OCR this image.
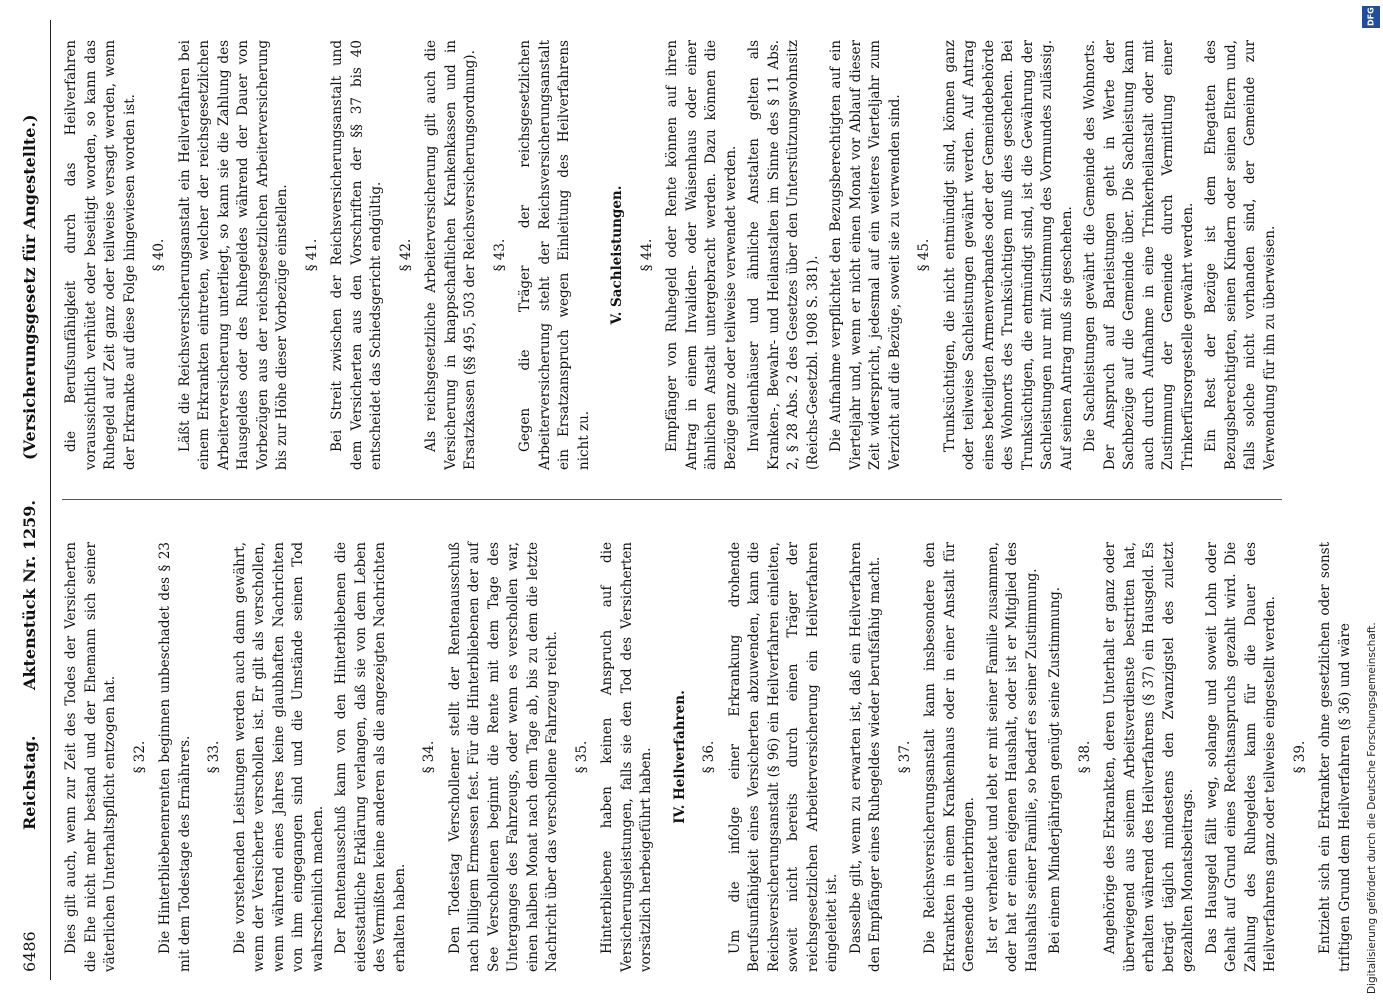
6486
Reichstag. Aktenstück Nr. 1259.
(Versicherungsgesetz für Angestellte.)

Dies gilt auch, wenn zur Zeit des Todes der Versicherten die Ehe nicht mehr bestand und der Ehemann sich seiner väterlichen Unterhaltspflicht entzogen hat. § 32. Die Hinterbliebenenrenten beginnen unbeschadet des § 23 mit dem Todestage des Ernährers. § 33. Die vorstehenden Leistungen werden auch dann gewährt, wenn der Versicherte verschollen ist. Er gilt als verschollen, wenn während eines Jahres keine glaubhaften Nachrichten von ihm eingegangen sind und die Umstände seinen Tod wahrscheinlich machen. Der Rentenausschuß kann von den Hinterbliebenen die eidesstattliche Erklärung verlangen, daß sie von dem Leben des Vermißten keine anderen als die angezeigten Nachrichten erhalten haben.

§ 34. Den Todestag Verschollener stellt der Rentenausschuß nach billigem Ermessen fest. Für die Hinterbliebenen der auf See Verschollenen beginnt die Rente mit dem Tage des Unterganges des Fahrzeugs, oder wenn es verschollen war, einen halben Monat nach dem Tage ab, bis zu dem die letzte Nachricht über das verschollene Fahrzeug reicht. § 35. Hinterbliebene haben keinen Anspruch auf die Versicherungsleistungen, falls sie den Tod des Versicherten vorsätzlich herbeigeführt haben. IV. Heilverfahren. § 36. Um die infolge einer Erkrankung drohende Berufsunfähigkeit eines Versicherten abzuwenden, kann die Reichsversicherungsanstalt (§ 96) ein Heilverfahren einleiten, soweit nicht bereits durch einen Träger der reichsgesetzlichen Arbeiterversicherung ein Heilverfahren eingeleitet ist. Dasselbe gilt, wenn zu erwarten ist, daß ein Heilverfahren den Empfänger eines Ruhegeldes wieder berufsfähig macht. § 37. Die Reichsversicherungsanstalt kann insbesondere den Erkrankten in einem Krankenhaus oder in einer Anstalt für Genesende unterbringen. Ist er verheiratet und lebt er mit seiner Familie zusammen, oder hat er einen eigenen Haushalt, oder ist er Mitglied des Haushalts seiner Familie, so bedarf es seiner Zustimmung. Bei einem Minderjährigen genügt seine Zustimmung. § 38. Angehörige des Erkrankten, deren Unterhalt er ganz oder überwiegend aus seinem Arbeitsverdienste bestritten hat, erhalten während des Heilverfahrens (§ 37) ein Hausgeld. Es beträgt täglich mindestens den Zwanzigstel des zuletzt gezahlten Monatsbeitrags. Das Hausgeld fällt weg, solange und soweit Lohn oder Gehalt auf Grund eines Rechtsanspruchs gezahlt wird. Die Zahlung des Ruhegeldes kann für die Dauer des Heilverfahrens ganz oder teilweise eingestellt werden. § 39. Entzieht sich ein Erkrankter ohne gesetzlichen oder sonst triftigen Grund dem Heilverfahren (§ 36) und wäre

die Berufsunfähigkeit durch das Heilverfahren voraussichtlich verhütet oder beseitigt worden, so kann das Ruhegeld auf Zeit ganz oder teilweise versagt werden, wenn der Erkrankte auf diese Folge hingewiesen worden ist. § 40. Läßt die Reichsversicherungsanstalt ein Heilverfahren bei einem Erkrankten eintreten, welcher der reichsgesetzlichen Arbeiterversicherung unterliegt, so kann sie die Zahlung des Hausgeldes oder des Ruhegeldes während der Dauer von Vorbezügen aus der reichsgesetzlichen Arbeiterversicherung bis zur Höhe dieser Vorbezüge einstellen. § 41. Bei Streit zwischen der Reichsversicherungsanstalt und dem Versicherten aus den Vorschriften der §§ 37 bis 40 entscheidet das Schiedsgericht endgültig. § 42. Als reichsgesetzliche Arbeiterversicherung gilt auch die Versicherung in knappschaftlichen Krankenkassen und in Ersatzkassen (§§ 495, 503 der Reichsversicherungsordnung). § 43. Gegen die Träger der reichsgesetzlichen Arbeiterversicherung steht der Reichsversicherungsanstalt ein Ersatzanspruch wegen Einleitung des Heilverfahrens nicht zu.

V. Sachleistungen. § 44. Empfänger von Ruhegeld oder Rente können auf ihren Antrag in einem Invaliden- oder Waisenhaus oder einer ähnlichen Anstalt untergebracht werden. Dazu können die Bezüge ganz oder teilweise verwendet werden. Invalidenhäuser und ähnliche Anstalten gelten als Kranken-, Bewahr- und Heilanstalten im Sinne des § 11 Abs. 2, § 28 Abs. 2 des Gesetzes über den Unterstützungswohnsitz (Reichs-Gesetzbl. 1908 S. 381). Die Aufnahme verpflichtet den Bezugsberechtigten auf ein Vierteljahr und, wenn er nicht einen Monat vor Ablauf dieser Zeit widerspricht, jedesmal auf ein weiteres Vierteljahr zum Verzicht auf die Bezüge, soweit sie zu verwenden sind. § 45. Trunksüchtigen, die nicht entmündigt sind, können ganz oder teilweise Sachleistungen gewährt werden. Auf Antrag eines beteiligten Armenverbandes oder der Gemeindebehörde des Wohnorts des Trunksüchtigen muß dies geschehen. Bei Trunksüchtigen, die entmündigt sind, ist die Gewährung der Sachleistungen nur mit Zustimmung des Vormundes zulässig. Auf seinen Antrag muß sie geschehen. Die Sachleistungen gewährt die Gemeinde des Wohnorts. Der Anspruch auf Barleistungen geht in Werte der Sachbezüge auf die Gemeinde über. Die Sachleistung kann auch durch Aufnahme in eine Trinkerheilanstalt oder mit Zustimmung der Gemeinde durch Vermittlung einer Trinkerfürsorgestelle gewährt werden. Ein Rest der Bezüge ist dem Ehegatten des Bezugsberechtigten, seinen Kindern oder seinen Eltern und, falls solche nicht vorhanden sind, der Gemeinde zur Verwendung für ihn zu überweisen.

DFG
Digitalisierung gefördert durch die Deutsche Forschungsgemeinschaft.
